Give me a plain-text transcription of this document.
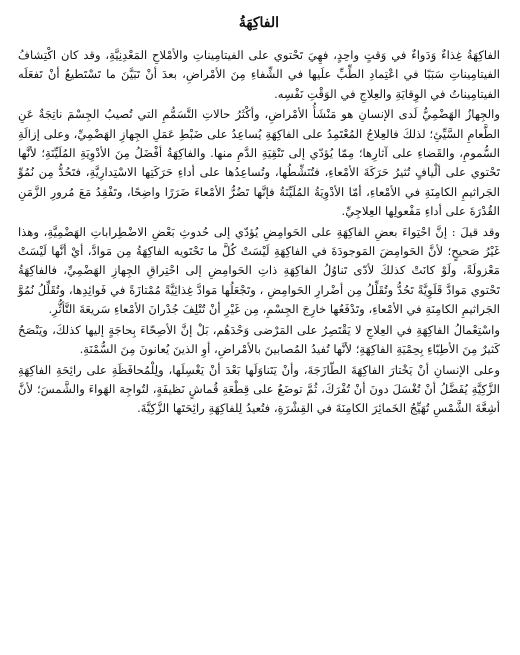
الفاكِهَةُ

الفاكِهَةُ غِذاءٌ وَدَواءٌ في وَقتٍ واحِدٍ، فهِيَ تَحْتوي على الفيتامِيناتِ والأمْلاحِ المَعْدِنِيَّةِ، وقد كان اكْتِشافُ الفيتامِيناتِ سَبَبًا في اعْتِمادِ الطِّبِّ علَيها في الشِّفاءِ مِنَ الأمْراضِ، بعدَ أنْ تَبَيَّنَ ما تَسْتَطيعُ أنْ تَفعَلَه الفيتامِيناتُ في الوِقايَةِ والعِلاجِ في الوَقْتِ نَفْسِه.

والجِهازُ الهَضْمِيُّ لَدى الإنسانِ هو مَنْشَأُ الأمْراضِ، وأكْثَرُ حالاتِ التَّسَمُّمِ التي تُصيبُ الجِسْمَ ناتِجَةٌ عَنِ الطَّعامِ السَّيِّئِ؛ لذلكَ فالعِلاجُ المُعْتَمِدُ على الفاكِهَةِ يُساعِدُ على ضَبْطِ عَمَلِ الجِهازِ الهَضْمِيِّ، وعلى إزالَةِ السُّمومِ، والقَضاءِ على آثارِها؛ مِمّا يُؤدّي إلى تَنْقِيَةِ الدَّمِ منها. والفاكِهَةُ أفْضَلُ مِنَ الأدْوِيَةِ المُلَيِّنَةِ؛ لأنَّها تَحْتوي على ألْيافٍ تُثيرُ حَرَكَةَ الأمْعاءِ، فتُنَشِّطُها، وتُساعِدُها على أداءِ حَرَكَتِها الاسْتِدارِيَّةِ، فتَحُدُّ مِن نُمُوِّ الجَراثيمِ الكامِنَةِ في الأمْعاءِ، أمّا الأدْوِيَةُ المُلَيِّنَةُ فإنَّها تَضُرُّ الأمْعاءَ ضَرَرًا واضِحًا، وتَفْقِدُ مَعَ مُرورِ الزَّمَنِ القُدْرَةَ على أداءِ مَفْعولِها العِلاجِيِّ.

وقد قيلَ : إنَّ احْتِواءَ بعضِ الفاكِهَةِ على الحَوامِضِ يُؤدّي إلى حُدوثِ بَعْضِ الاضْطِراباتِ الهَضْمِيَّةِ، وهذا غَيْرُ صَحيحٍ؛ لأنَّ الحَوامِضَ المَوجودَةَ في الفاكِهَةِ لَيْسَتْ كُلَّ ما تَحْتَويه الفاكِهَةُ مِن مَوادَّ، أيْ أنَّها لَيْسَتْ مَعْزولَةً، ولَوْ كانَتْ كذلكَ لأدّى تَناوُلُ الفاكِهَةِ ذاتِ الحَوامِضِ إلى احْتِراقِ الجِهازِ الهَضْمِيِّ، فالفاكِهَةُ تَحْتوي مَوادَّ قَلَوِيَّةً تَحُدُّ وتُقَلِّلُ مِن أضْرارِ الحَوامِضِ ، وتَجْعَلُها مَوادَّ غِذائِيَّةً مُمْتازَةً في فَوائِدِها، وتُقَلِّلُ نُمُوَّ الجَراثيمِ الكامِنَةِ في الأمْعاءِ، وتَدْفَعُها خارِجَ الجِسْمِ، مِن غَيْرِ أنْ تُتْلِفَ جُدْرانَ الأمْعاءِ سَريعَةَ التَّأثُّرِ.

واسْتِعْمالُ الفاكِهَةِ في العِلاجِ لا يَقْتَصِرُ على المَرْضى وَحْدَهُم، بَلْ إنَّ الأصِحّاءَ بِحاجَةٍ إليها كذلكَ، ويَنْصَحُ كَثيرٌ مِنَ الأطِبّاءِ بِحِمْيَةِ الفاكِهَةِ؛ لأنَّها تُفيدُ المُصابينَ بالأمْراضِ، أوِ الذينَ يُعانونَ مِنَ السُّمْنَةِ.

وعلى الإنسانِ أنْ يَخْتارَ الفاكِهَةَ الطّازَجَةَ، وأنْ يَتَناوَلَها بَعْدَ أنْ يَغْسِلَها، ولِلْمُحافَظَةِ على رائِحَةِ الفاكِهَةِ الزَّكِيَّةِ يُفَضَّلُ أنْ تُغْسَلَ دونَ أنْ تُفْرَكَ، ثُمَّ توضَعُ على قِطْعَةِ قُماشٍ نَظيفَةٍ، لتُواجِهَ الهَواءَ والشَّمسَ؛ لأنَّ أشِعَّةَ الشَّمْسِ تُهَيِّجُ الخَمائِرَ الكامِنَةَ في القِشْرَةِ، فتُعيدُ لِلفاكِهَةِ رائِحَتَها الزَّكِيَّةَ.
